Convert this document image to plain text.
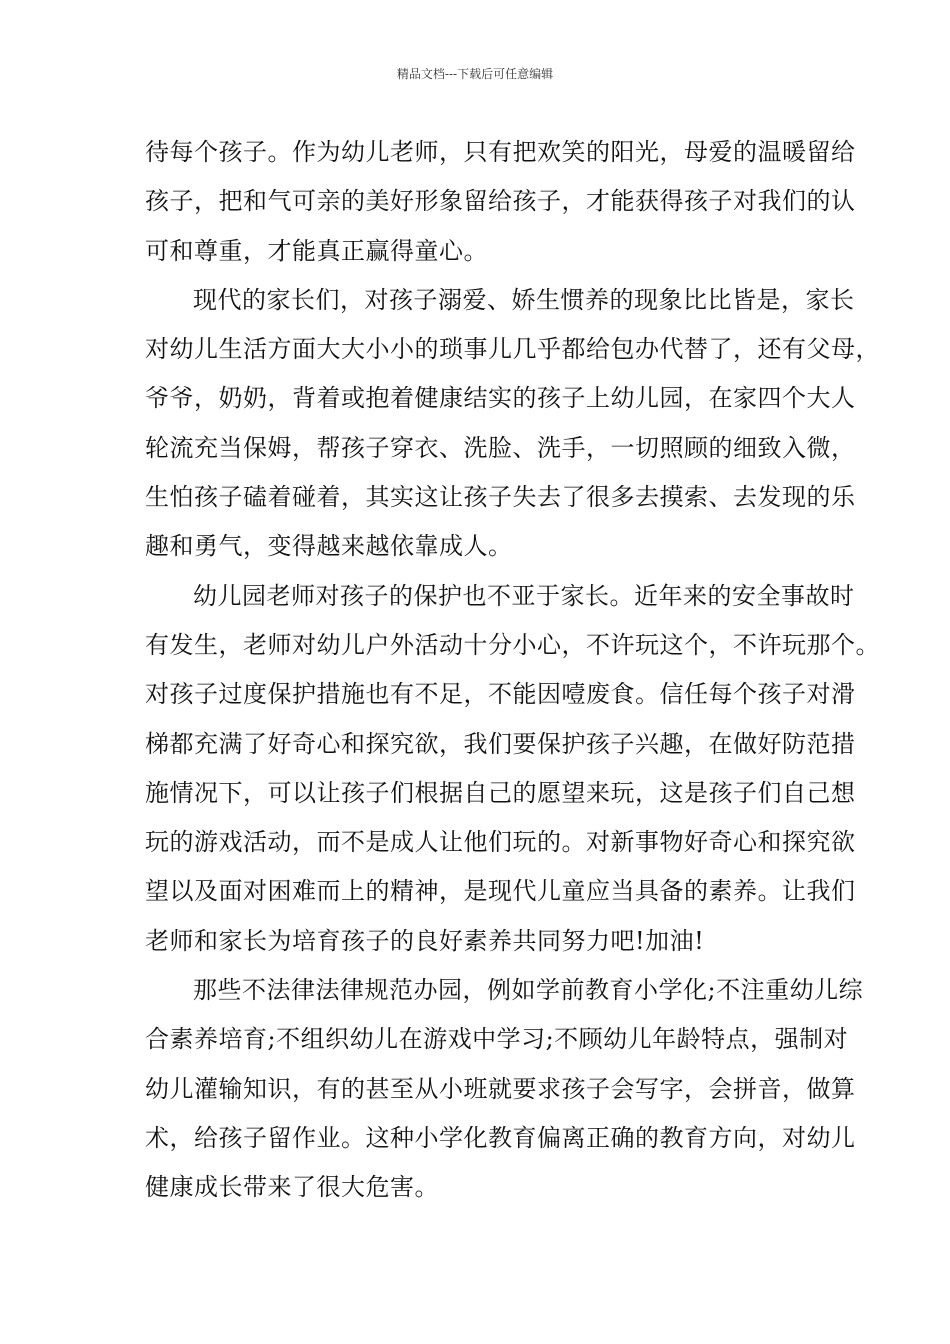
精品文档---下载后可任意编辑
待每个孩子。作为幼儿老师，只有把欢笑的阳光，母爱的温暖留给
孩子，把和气可亲的美好形象留给孩子，才能获得孩子对我们的认
可和尊重，才能真正赢得童心。
现代的家长们，对孩子溺爱、娇生惯养的现象比比皆是，家长
对幼儿生活方面大大小小的琐事儿几乎都给包办代替了，还有父母，
爷爷，奶奶，背着或抱着健康结实的孩子上幼儿园，在家四个大人
轮流充当保姆，帮孩子穿衣、洗脸、洗手，一切照顾的细致入微，
生怕孩子磕着碰着，其实这让孩子失去了很多去摸索、去发现的乐
趣和勇气，变得越来越依靠成人。
幼儿园老师对孩子的保护也不亚于家长。近年来的安全事故时
有发生，老师对幼儿户外活动十分小心，不许玩这个，不许玩那个。
对孩子过度保护措施也有不足，不能因噎废食。信任每个孩子对滑
梯都充满了好奇心和探究欲，我们要保护孩子兴趣，在做好防范措
施情况下，可以让孩子们根据自己的愿望来玩，这是孩子们自己想
玩的游戏活动，而不是成人让他们玩的。对新事物好奇心和探究欲
望以及面对困难而上的精神，是现代儿童应当具备的素养。让我们
老师和家长为培育孩子的良好素养共同努力吧!加油!
那些不法律法律规范办园，例如学前教育小学化;不注重幼儿综
合素养培育;不组织幼儿在游戏中学习;不顾幼儿年龄特点，强制对
幼儿灌输知识，有的甚至从小班就要求孩子会写字，会拼音，做算
术，给孩子留作业。这种小学化教育偏离正确的教育方向，对幼儿
健康成长带来了很大危害。
